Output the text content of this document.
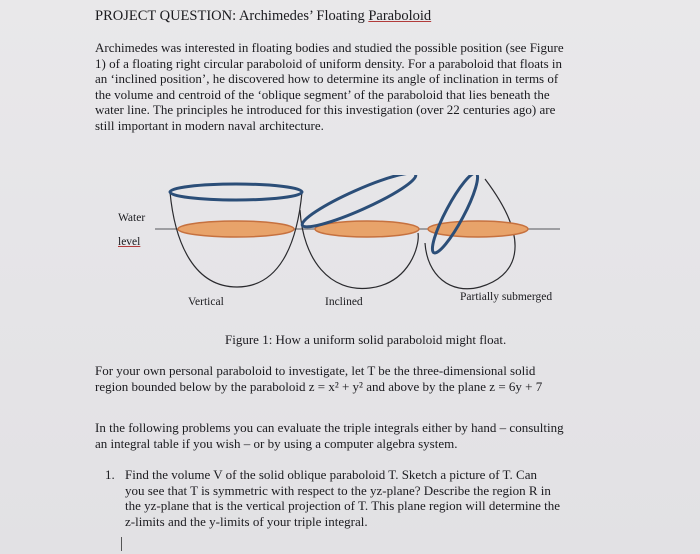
PROJECT QUESTION: Archimedes’ Floating Paraboloid
Archimedes was interested in floating bodies and studied the possible position (see Figure
1) of a floating right circular paraboloid of uniform density. For a paraboloid that floats in
an ‘inclined position’, he discovered how to determine its angle of inclination in terms of
the volume and centroid of the ‘oblique segment’ of the paraboloid that lies beneath the
water line. The principles he introduced for this investigation (over 22 centuries ago) are
still important in modern naval architecture.
Water
level
Vertical	Inclined	Partially submerged
Figure 1: How a uniform solid paraboloid might float.
For your own personal paraboloid to investigate, let T be the three-dimensional solid
region bounded below by the paraboloid z = x² + y² and above by the plane z = 6y + 7
In the following problems you can evaluate the triple integrals either by hand – consulting
an integral table if you wish – or by using a computer algebra system.
1. Find the volume V of the solid oblique paraboloid T. Sketch a picture of T. Can
you see that T is symmetric with respect to the yz-plane? Describe the region R in
the yz-plane that is the vertical projection of T. This plane region will determine the
z-limits and the y-limits of your triple integral.
